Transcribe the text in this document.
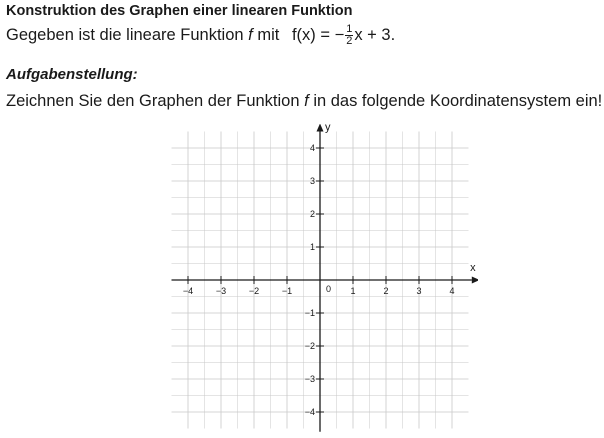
Konstruktion des Graphen einer linearen Funktion
Gegeben ist die lineare Funktion f mit f(x) = − $\frac{1}{2}$ x + 3.
Aufgabenstellung:
Zeichnen Sie den Graphen der Funktion f in das folgende Koordinatensystem ein!
−4	−3	−2	−1	1	2	3	4
4
3
2
1
−1
−2
−3
−4
0
x
y
